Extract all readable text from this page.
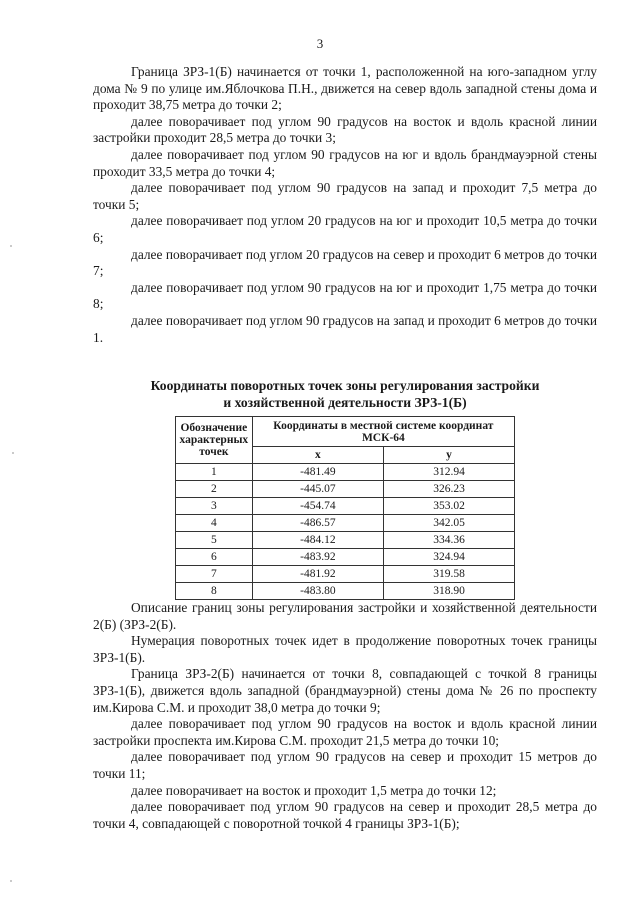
3

Граница ЗРЗ-1(Б) начинается от точки 1, расположенной на юго-западном углу дома № 9 по улице им.Яблочкова П.Н., движется на север вдоль западной стены дома и проходит 38,75 метра до точки 2;

далее поворачивает под углом 90 градусов на восток и вдоль красной линии застройки проходит 28,5 метра до точки 3;

далее поворачивает под углом 90 градусов на юг и вдоль брандмауэрной стены проходит 33,5 метра до точки 4;

далее поворачивает под углом 90 градусов на запад и проходит 7,5 метра до точки 5;

далее поворачивает под углом 20 градусов на юг и проходит 10,5 метра до точки 6;

далее поворачивает под углом 20 градусов на север и проходит 6 метров до точки 7;

далее поворачивает под углом 90 градусов на юг и проходит 1,75 метра до точки 8;

далее поворачивает под углом 90 градусов на запад и проходит 6 метров до точки 1.

Координаты поворотных точек зоны регулирования застройки
и хозяйственной деятельности ЗРЗ-1(Б)
Обозначение характерных точек	Координаты в местной системе координат МСК-64	
	x	y
1	-481.49	312.94
2	-445.07	326.23
3	-454.74	353.02
4	-486.57	342.05
5	-484.12	334.36
6	-483.92	324.94
7	-481.92	319.58
8	-483.80	318.90

Описание границ зоны регулирования застройки и хозяйственной деятельности 2(Б) (ЗРЗ-2(Б).

Нумерация поворотных точек идет в продолжение поворотных точек границы ЗРЗ-1(Б).

Граница ЗРЗ-2(Б) начинается от точки 8, совпадающей с точкой 8 границы ЗРЗ-1(Б), движется вдоль западной (брандмауэрной) стены дома № 26 по проспекту им.Кирова С.М. и проходит 38,0 метра до точки 9;

далее поворачивает под углом 90 градусов на восток и вдоль красной линии застройки проспекта им.Кирова С.М. проходит 21,5 метра до точки 10;

далее поворачивает под углом 90 градусов на север и проходит 15 метров до точки 11;

далее поворачивает на восток и проходит 1,5 метра до точки 12;

далее поворачивает под углом 90 градусов на север и проходит 28,5 метра до точки 4, совпадающей с поворотной точкой 4 границы ЗРЗ-1(Б);
